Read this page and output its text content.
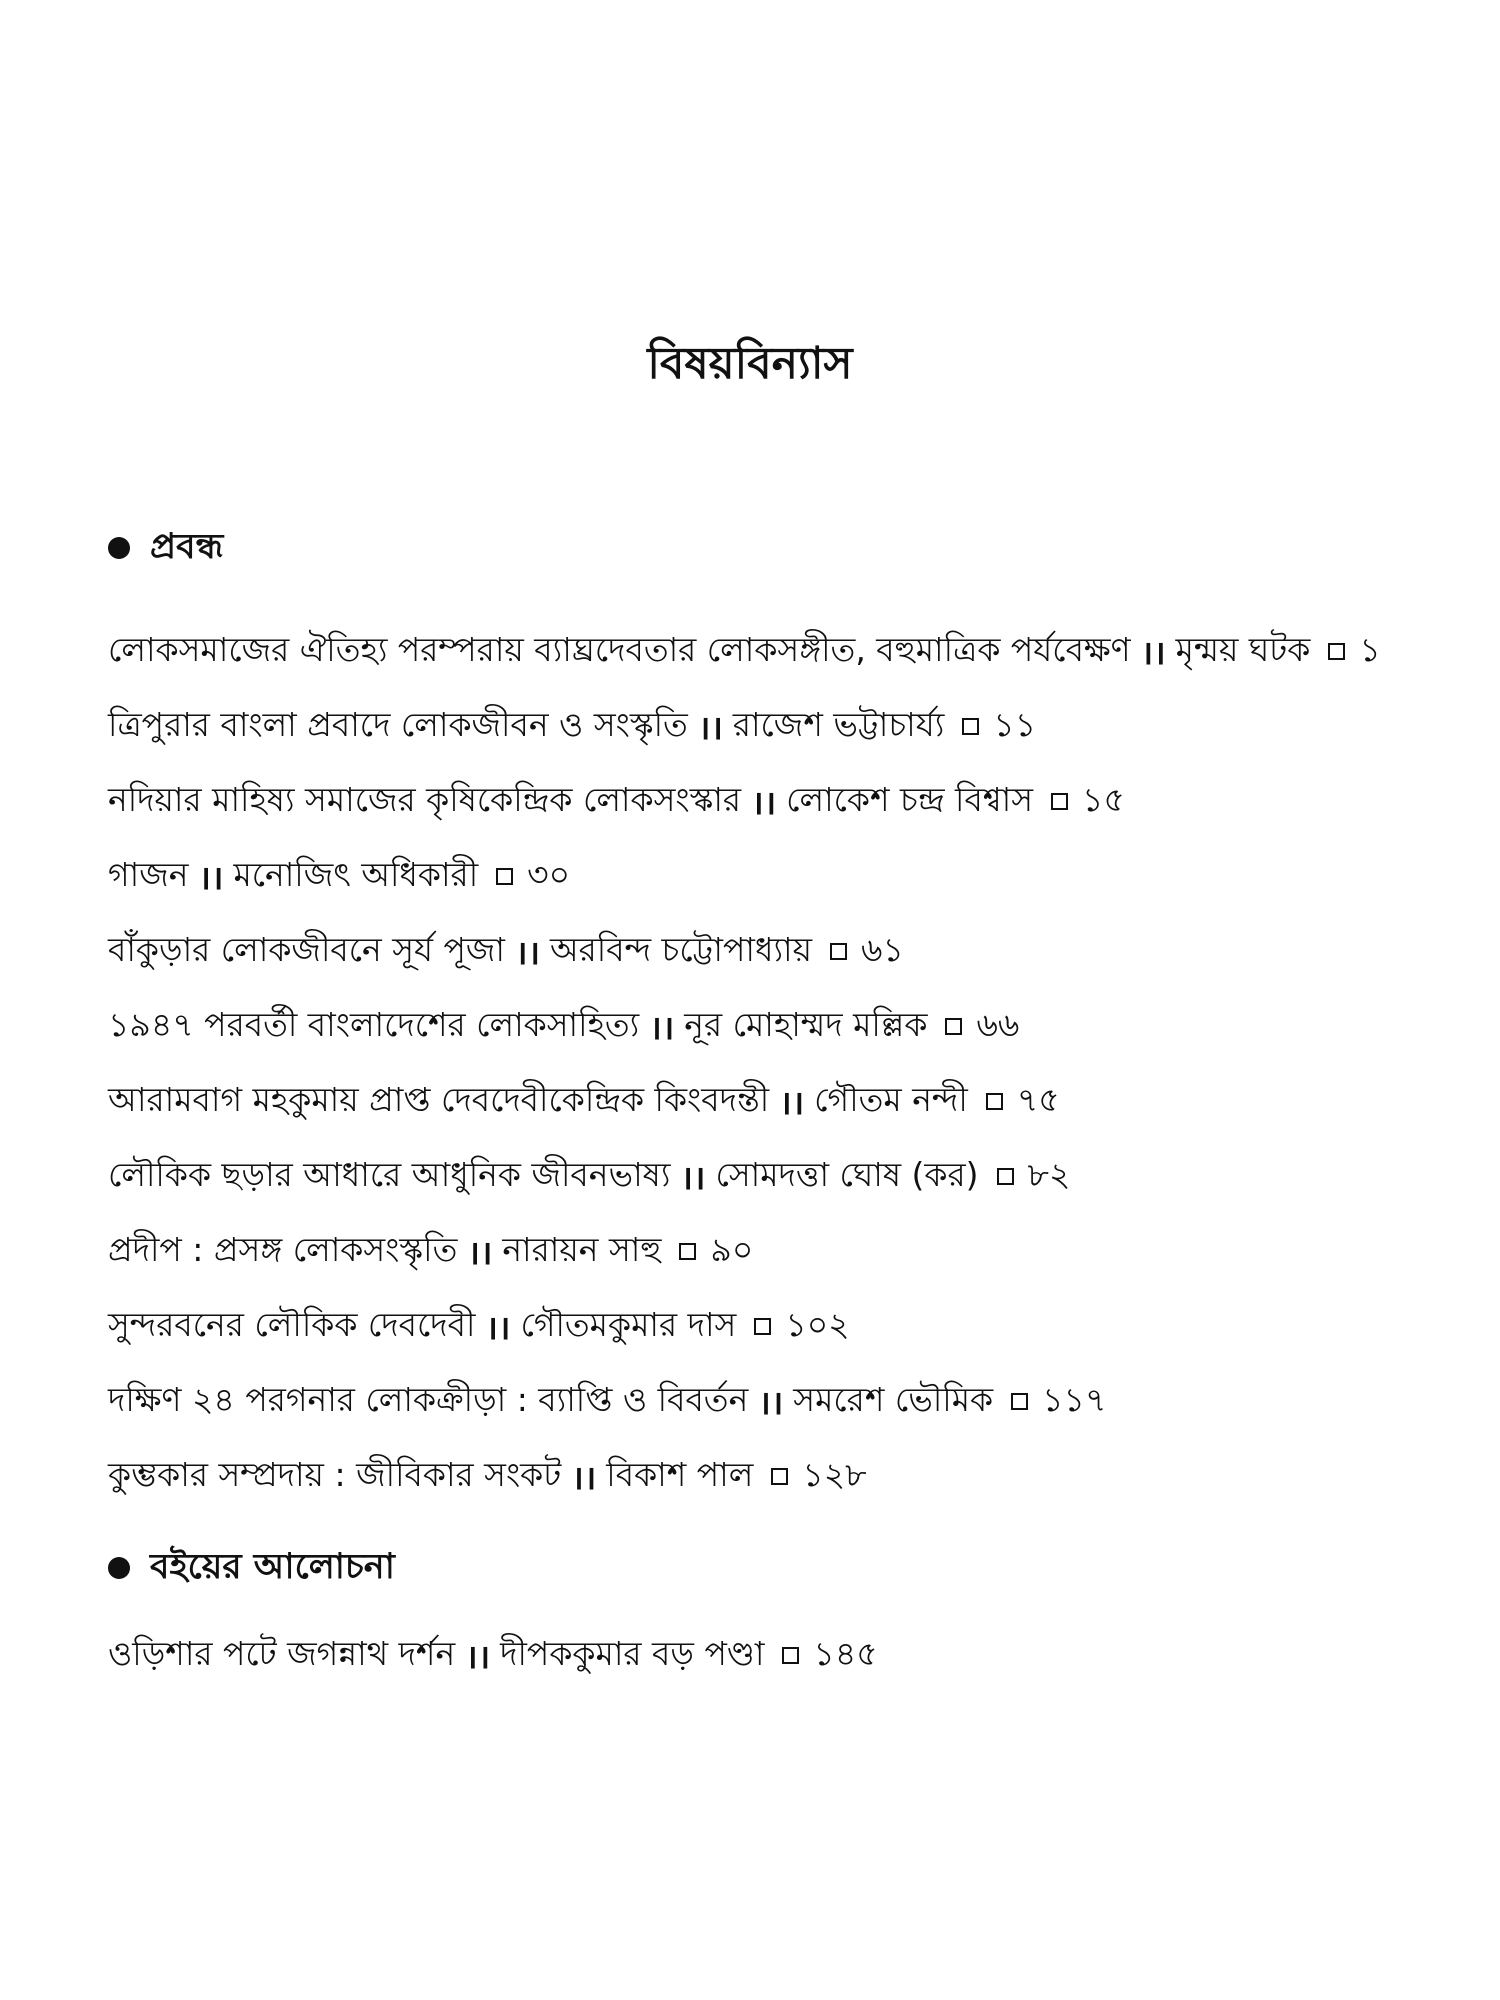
বিষয়বিন্যাস
প্রবন্ধ
লোকসমাজের ঐতিহ্য পরম্পরায় ব্যাঘ্রদেবতার লোকসঙ্গীত, বহুমাত্রিক পর্যবেক্ষণ ।। মৃন্ময় ঘটক ১
ত্রিপুরার বাংলা প্রবাদে লোকজীবন ও সংস্কৃতি ।। রাজেশ ভট্টাচার্য্য ১১
নদিয়ার মাহিষ্য সমাজের কৃষিকেন্দ্রিক লোকসংস্কার ।। লোকেশ চন্দ্র বিশ্বাস ১৫
গাজন ।। মনোজিৎ অধিকারী ৩০
বাঁকুড়ার লোকজীবনে সূর্য পূজা ।। অরবিন্দ চট্টোপাধ্যায় ৬১
১৯৪৭ পরবর্তী বাংলাদেশের লোকসাহিত্য ।। নূর মোহাম্মদ মল্লিক ৬৬
আরামবাগ মহকুমায় প্রাপ্ত দেবদেবীকেন্দ্রিক কিংবদন্তী ।। গৌতম নন্দী ৭৫
লৌকিক ছড়ার আধারে আধুনিক জীবনভাষ্য ।। সোমদত্তা ঘোষ (কর) ৮২
প্রদীপ : প্রসঙ্গ লোকসংস্কৃতি ।। নারায়ন সাহু ৯০
সুন্দরবনের লৌকিক দেবদেবী ।। গৌতমকুমার দাস ১০২
দক্ষিণ ২৪ পরগনার লোকক্রীড়া : ব্যাপ্তি ও বিবর্তন ।। সমরেশ ভৌমিক ১১৭
কুম্ভকার সম্প্রদায় : জীবিকার সংকট ।। বিকাশ পাল ১২৮
বইয়ের আলোচনা
ওড়িশার পটে জগন্নাথ দর্শন ।। দীপককুমার বড় পণ্ডা ১৪৫
